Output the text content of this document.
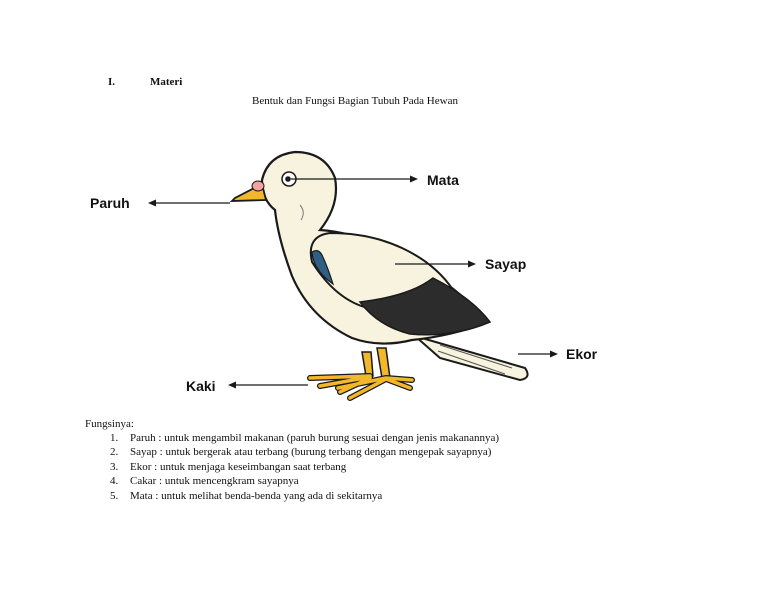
I.	Materi
Bentuk dan Fungsi Bagian Tubuh Pada Hewan
Mata
Paruh
Sayap
Ekor
Kaki
Fungsinya:
1. Paruh : untuk mengambil makanan (paruh burung sesuai dengan jenis makanannya)
2. Sayap : untuk bergerak atau terbang (burung terbang dengan mengepak sayapnya)
3. Ekor : untuk menjaga keseimbangan saat terbang
4. Cakar : untuk mencengkram sayapnya
5. Mata : untuk melihat benda-benda yang ada di sekitarnya
